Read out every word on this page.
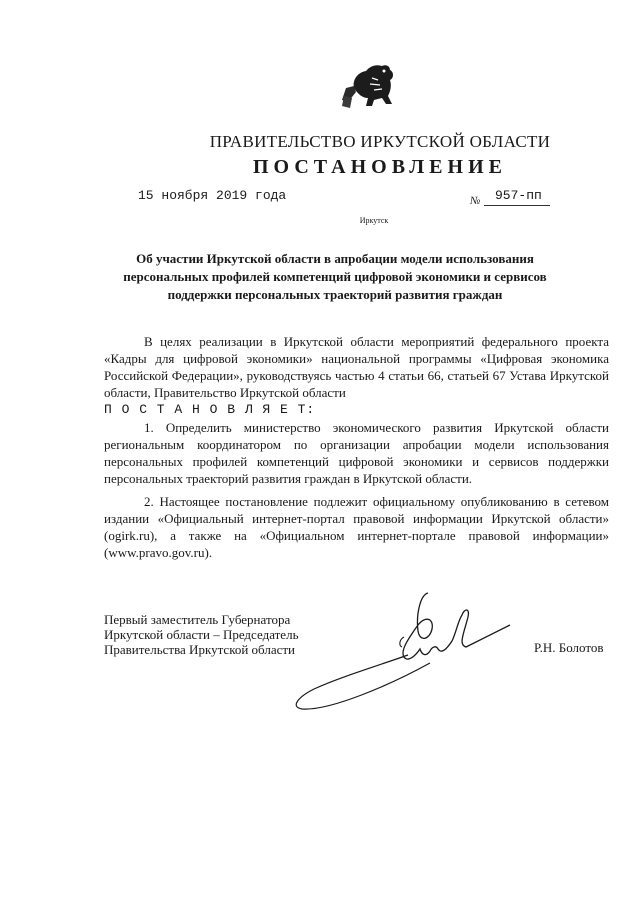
ПРАВИТЕЛЬСТВО ИРКУТСКОЙ ОБЛАСТИ
ПОСТАНОВЛЕНИЕ
15 ноября 2019 года	№ 957-пп
Иркутск
Об участии Иркутской области в апробации модели использования
персональных профилей компетенций цифровой экономики и сервисов
поддержки персональных траекторий развития граждан

В целях реализации в Иркутской области мероприятий федерального проекта «Кадры для цифровой экономики» национальной программы «Цифровая экономика Российской Федерации», руководствуясь частью 4 статьи 66, статьей 67 Устава Иркутской области, Правительство Иркутской области

П О С Т А Н О В Л Я Е Т:

1. Определить министерство экономического развития Иркутской области региональным координатором по организации апробации модели использования персональных профилей компетенций цифровой экономики и сервисов поддержки персональных траекторий развития граждан в Иркутской области.

2. Настоящее постановление подлежит официальному опубликованию в сетевом издании «Официальный интернет-портал правовой информации Иркутской области» (ogirk.ru), а также на «Официальном интернет-портале правовой информации» (www.pravo.gov.ru).

Первый заместитель Губернатора
Иркутской области – Председатель
Правительства Иркутской области	Р.Н. Болотов
